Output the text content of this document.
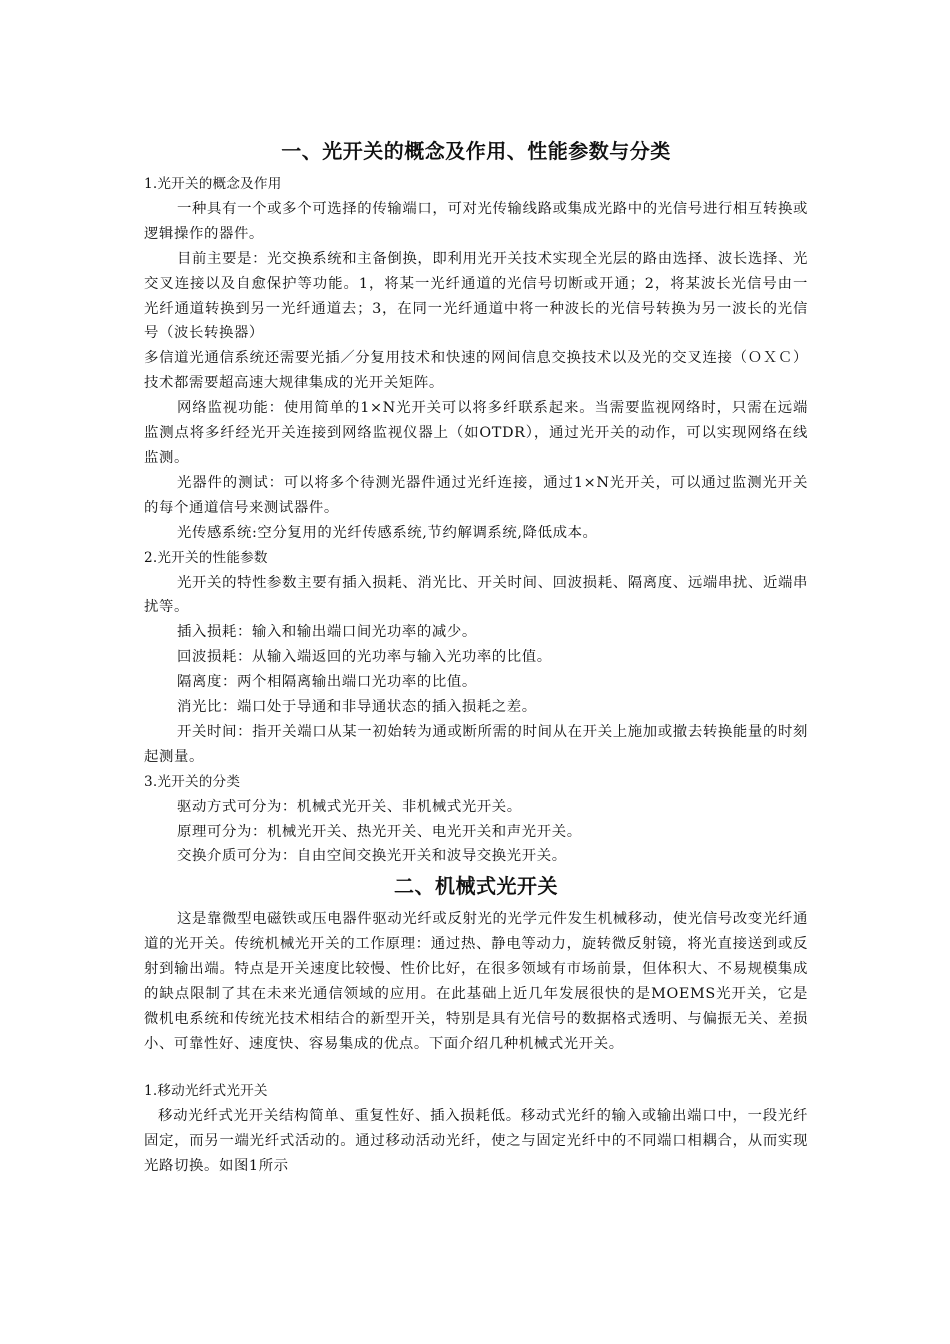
一、光开关的概念及作用、性能参数与分类

1.光开关的概念及作用

一种具有一个或多个可选择的传输端口，可对光传输线路或集成光路中的光信号进行相互转换或逻辑操作的器件。

目前主要是：光交换系统和主备倒换，即利用光开关技术实现全光层的路由选择、波长选择、光交叉连接以及自愈保护等功能。1，将某一光纤通道的光信号切断或开通；2，将某波长光信号由一光纤通道转换到另一光纤通道去；3，在同一光纤通道中将一种波长的光信号转换为另一波长的光信号（波长转换器）

多信道光通信系统还需要光插／分复用技术和快速的网间信息交换技术以及光的交叉连接（ＯＸＣ）技术都需要超高速大规律集成的光开关矩阵。

网络监视功能：使用简单的1×N光开关可以将多纤联系起来。当需要监视网络时，只需在远端监测点将多纤经光开关连接到网络监视仪器上（如OTDR），通过光开关的动作，可以实现网络在线监测。

光器件的测试：可以将多个待测光器件通过光纤连接，通过1×N光开关，可以通过监测光开关的每个通道信号来测试器件。

光传感系统:空分复用的光纤传感系统,节约解调系统,降低成本。

2.光开关的性能参数

光开关的特性参数主要有插入损耗、消光比、开关时间、回波损耗、隔离度、远端串扰、近端串扰等。

插入损耗：输入和输出端口间光功率的减少。

回波损耗：从输入端返回的光功率与输入光功率的比值。

隔离度：两个相隔离输出端口光功率的比值。

消光比：端口处于导通和非导通状态的插入损耗之差。

开关时间：指开关端口从某一初始转为通或断所需的时间从在开关上施加或撤去转换能量的时刻起测量。

3.光开关的分类

驱动方式可分为：机械式光开关、非机械式光开关。

原理可分为：机械光开关、热光开关、电光开关和声光开关。

交换介质可分为：自由空间交换光开关和波导交换光开关。

二、机械式光开关

这是靠微型电磁铁或压电器件驱动光纤或反射光的光学元件发生机械移动，使光信号改变光纤通道的光开关。传统机械光开关的工作原理：通过热、静电等动力，旋转微反射镜，将光直接送到或反射到输出端。特点是开关速度比较慢、性价比好，在很多领域有市场前景，但体积大、不易规模集成的缺点限制了其在未来光通信领域的应用。在此基础上近几年发展很快的是MOEMS光开关，它是微机电系统和传统光技术相结合的新型开关，特别是具有光信号的数据格式透明、与偏振无关、差损小、可靠性好、速度快、容易集成的优点。下面介绍几种机械式光开关。

1.移动光纤式光开关

移动光纤式光开关结构简单、重复性好、插入损耗低。移动式光纤的输入或输出端口中，一段光纤固定，而另一端光纤式活动的。通过移动活动光纤，使之与固定光纤中的不同端口相耦合，从而实现光路切换。如图1所示
